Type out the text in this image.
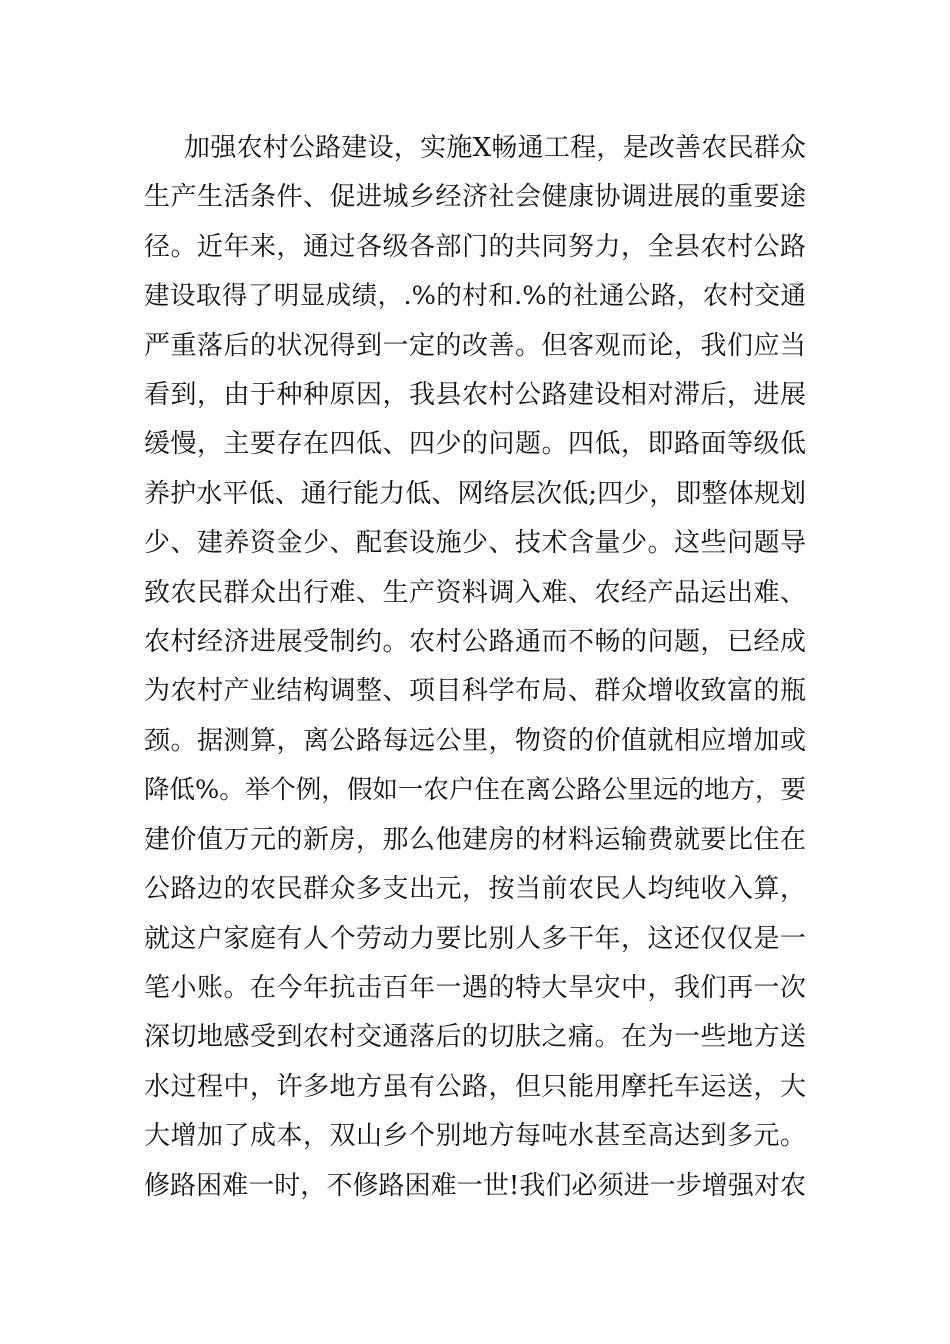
加强农村公路建设，实施Ⅹ畅通工程，是改善农民群众
生产生活条件、促进城乡经济社会健康协调进展的重要途
径。近年来，通过各级各部门的共同努力，全县农村公路
建设取得了明显成绩，.%的村和.%的社通公路，农村交通
严重落后的状况得到一定的改善。但客观而论，我们应当
看到，由于种种原因，我县农村公路建设相对滞后，进展
缓慢，主要存在四低、四少的问题。四低，即路面等级低
养护水平低、通行能力低、网络层次低;四少，即整体规划
少、建养资金少、配套设施少、技术含量少。这些问题导
致农民群众出行难、生产资料调入难、农经产品运出难、
农村经济进展受制约。农村公路通而不畅的问题，已经成
为农村产业结构调整、项目科学布局、群众增收致富的瓶
颈。据测算，离公路每远公里，物资的价值就相应增加或
降低%。举个例，假如一农户住在离公路公里远的地方，要
建价值万元的新房，那么他建房的材料运输费就要比住在
公路边的农民群众多支出元，按当前农民人均纯收入算，
就这户家庭有人个劳动力要比别人多干年，这还仅仅是一
笔小账。在今年抗击百年一遇的特大旱灾中，我们再一次
深切地感受到农村交通落后的切肤之痛。在为一些地方送
水过程中，许多地方虽有公路，但只能用摩托车运送，大
大增加了成本，双山乡个别地方每吨水甚至高达到多元。
修路困难一时，不修路困难一世!我们必须进一步增强对农
